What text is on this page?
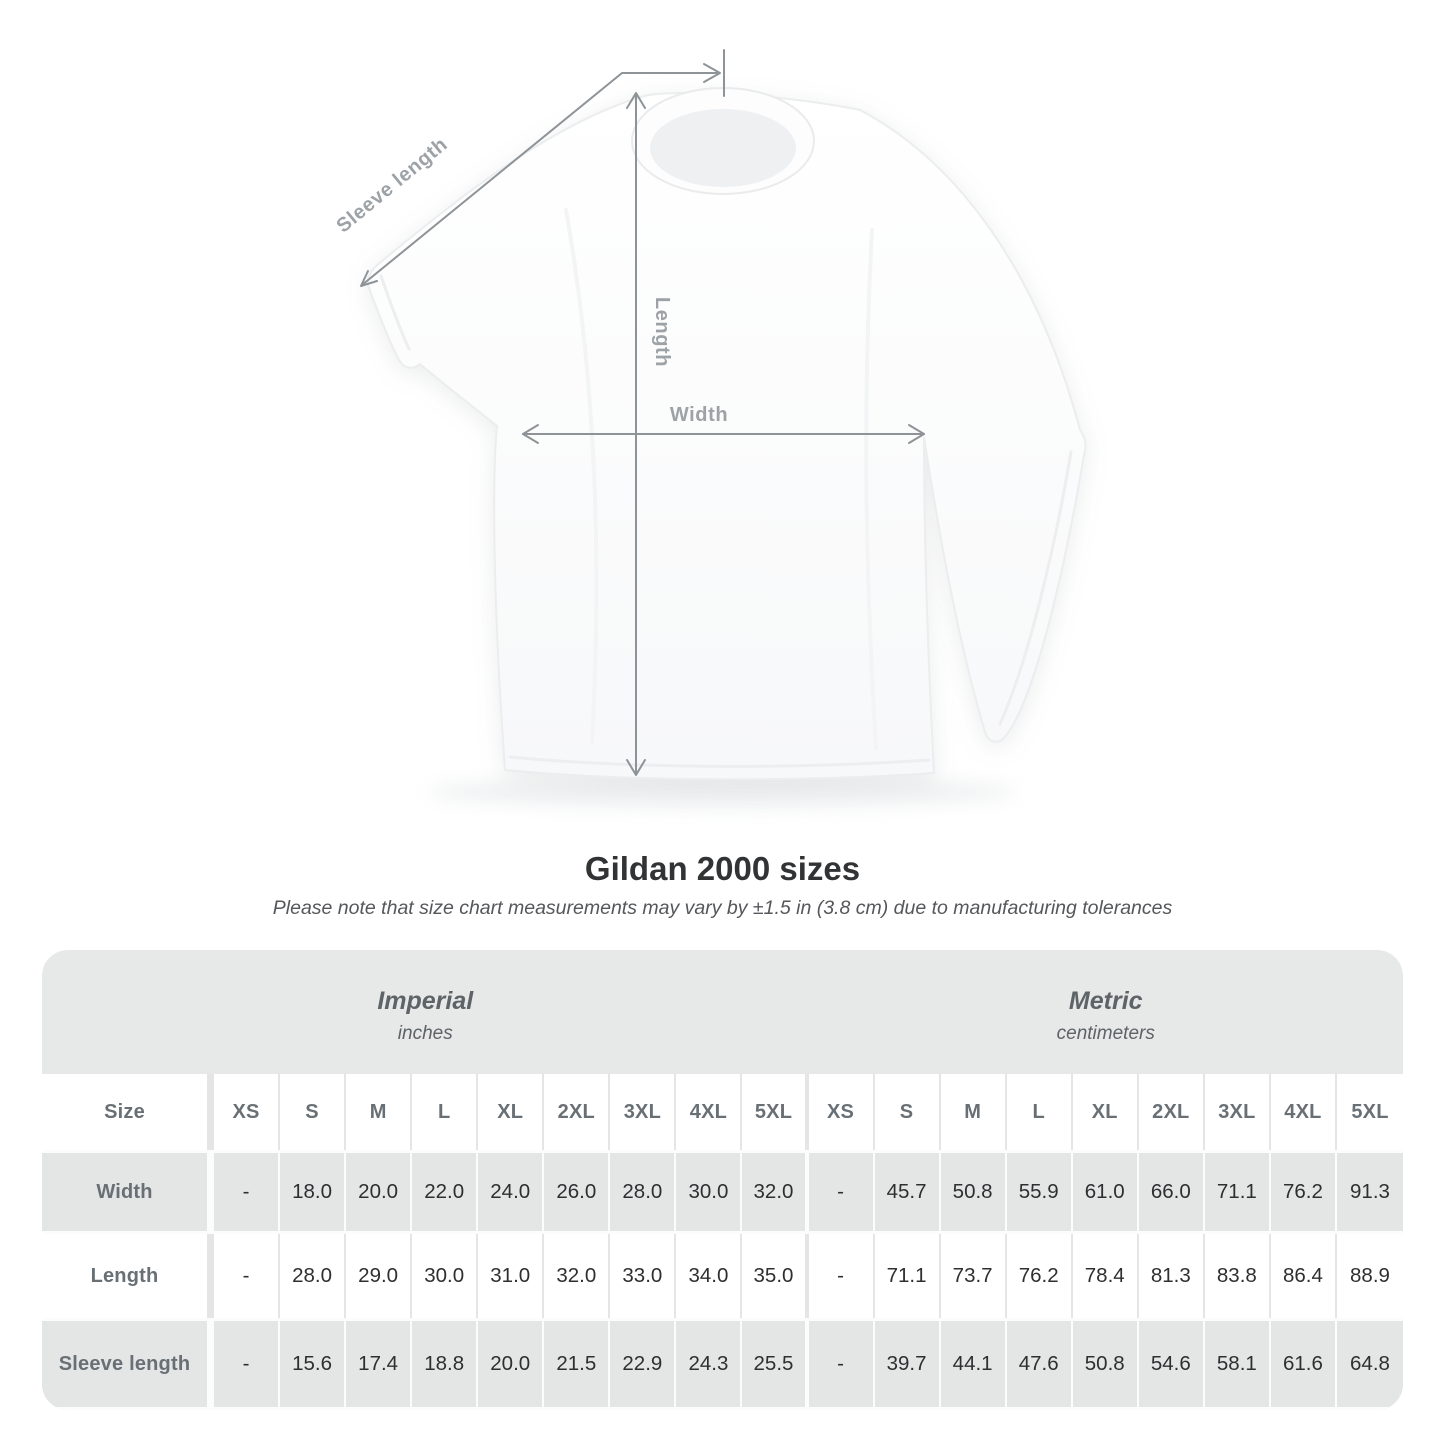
Sleeve length
Length
Width
Gildan 2000 sizes
Please note that size chart measurements may vary by ±1.5 in (3.8 cm) due to manufacturing tolerances
Imperial
inches
Metric
centimeters
Size	XS	S	M	L	XL	2XL	3XL	4XL	5XL	XS	S	M	L	XL	2XL	3XL	4XL	5XL
Width	-	18.0	20.0	22.0	24.0	26.0	28.0	30.0	32.0	-	45.7	50.8	55.9	61.0	66.0	71.1	76.2	91.3
Length	-	28.0	29.0	30.0	31.0	32.0	33.0	34.0	35.0	-	71.1	73.7	76.2	78.4	81.3	83.8	86.4	88.9
Sleeve length	-	15.6	17.4	18.8	20.0	21.5	22.9	24.3	25.5	-	39.7	44.1	47.6	50.8	54.6	58.1	61.6	64.8
